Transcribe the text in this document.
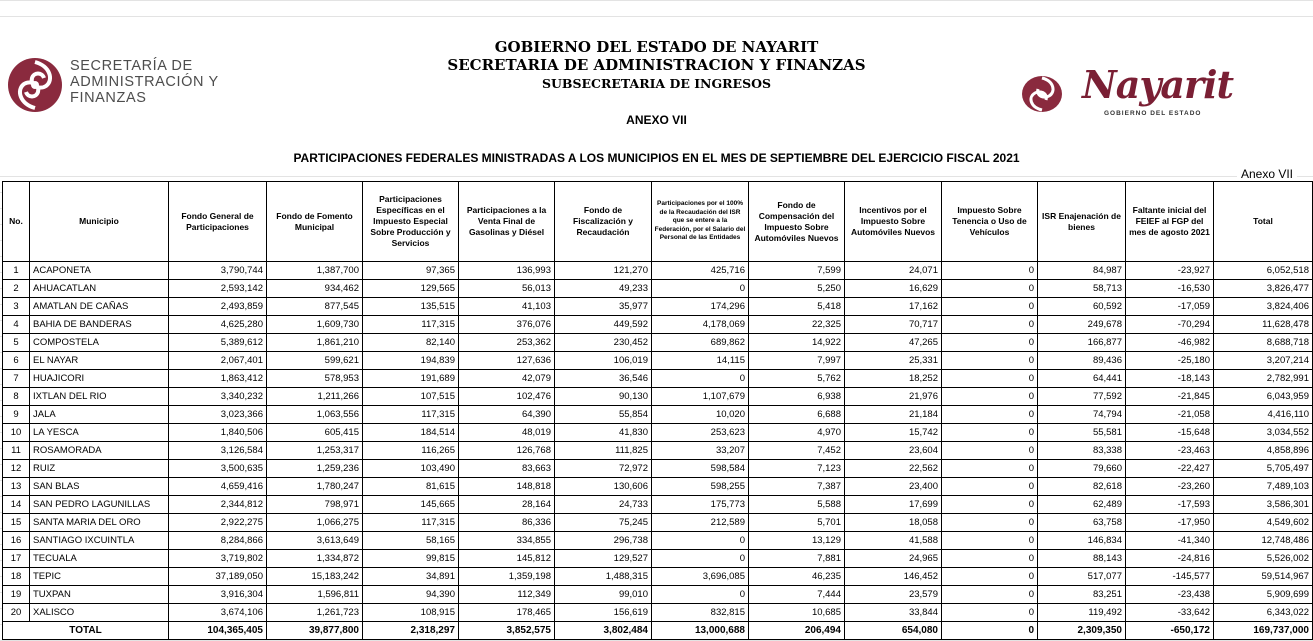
SECRETARÍA DE
ADMINISTRACIÓN Y
FINANZAS	Nayarit
GOBIERNO DEL ESTADO
GOBIERNO DEL ESTADO DE NAYARIT
SECRETARIA DE ADMINISTRACION Y FINANZAS
SUBSECRETARIA DE INGRESOS
ANEXO VII
PARTICIPACIONES FEDERALES MINISTRADAS A LOS MUNICIPIOS EN EL MES DE SEPTIEMBRE DEL EJERCICIO FISCAL 2021
Anexo VII
No.	Municipio	Fondo General de Participaciones	Fondo de Fomento Municipal	Participaciones Específicas en el Impuesto Especial Sobre Producción y Servicios	Participaciones a la Venta Final de Gasolinas y Diésel	Fondo de Fiscalización y Recaudación	Participaciones por el 100% de la Recaudación del ISR que se entere a la Federación, por el Salario del Personal de las Entidades	Fondo de Compensación del Impuesto Sobre Automóviles Nuevos	Incentivos por el Impuesto Sobre Automóviles Nuevos	Impuesto Sobre Tenencia o Uso de Vehículos	ISR Enajenación de bienes	Faltante inicial del FEIEF al FGP del mes de agosto 2021	Total
1	ACAPONETA	3,790,744	1,387,700	97,365	136,993	121,270	425,716	7,599	24,071	0	84,987	-23,927	6,052,518
2	AHUACATLAN	2,593,142	934,462	129,565	56,013	49,233	0	5,250	16,629	0	58,713	-16,530	3,826,477
3	AMATLAN DE CAÑAS	2,493,859	877,545	135,515	41,103	35,977	174,296	5,418	17,162	0	60,592	-17,059	3,824,406
4	BAHIA DE BANDERAS	4,625,280	1,609,730	117,315	376,076	449,592	4,178,069	22,325	70,717	0	249,678	-70,294	11,628,478
5	COMPOSTELA	5,389,612	1,861,210	82,140	253,362	230,452	689,862	14,922	47,265	0	166,877	-46,982	8,688,718
6	EL NAYAR	2,067,401	599,621	194,839	127,636	106,019	14,115	7,997	25,331	0	89,436	-25,180	3,207,214
7	HUAJICORI	1,863,412	578,953	191,689	42,079	36,546	0	5,762	18,252	0	64,441	-18,143	2,782,991
8	IXTLAN DEL RIO	3,340,232	1,211,266	107,515	102,476	90,130	1,107,679	6,938	21,976	0	77,592	-21,845	6,043,959
9	JALA	3,023,366	1,063,556	117,315	64,390	55,854	10,020	6,688	21,184	0	74,794	-21,058	4,416,110
10	LA YESCA	1,840,506	605,415	184,514	48,019	41,830	253,623	4,970	15,742	0	55,581	-15,648	3,034,552
11	ROSAMORADA	3,126,584	1,253,317	116,265	126,768	111,825	33,207	7,452	23,604	0	83,338	-23,463	4,858,896
12	RUIZ	3,500,635	1,259,236	103,490	83,663	72,972	598,584	7,123	22,562	0	79,660	-22,427	5,705,497
13	SAN BLAS	4,659,416	1,780,247	81,615	148,818	130,606	598,255	7,387	23,400	0	82,618	-23,260	7,489,103
14	SAN PEDRO LAGUNILLAS	2,344,812	798,971	145,665	28,164	24,733	175,773	5,588	17,699	0	62,489	-17,593	3,586,301
15	SANTA MARIA DEL ORO	2,922,275	1,066,275	117,315	86,336	75,245	212,589	5,701	18,058	0	63,758	-17,950	4,549,602
16	SANTIAGO IXCUINTLA	8,284,866	3,613,649	58,165	334,855	296,738	0	13,129	41,588	0	146,834	-41,340	12,748,486
17	TECUALA	3,719,802	1,334,872	99,815	145,812	129,527	0	7,881	24,965	0	88,143	-24,816	5,526,002
18	TEPIC	37,189,050	15,183,242	34,891	1,359,198	1,488,315	3,696,085	46,235	146,452	0	517,077	-145,577	59,514,967
19	TUXPAN	3,916,304	1,596,811	94,390	112,349	99,010	0	7,444	23,579	0	83,251	-23,438	5,909,699
20	XALISCO	3,674,106	1,261,723	108,915	178,465	156,619	832,815	10,685	33,844	0	119,492	-33,642	6,343,022
TOTAL		104,365,405	39,877,800	2,318,297	3,852,575	3,802,484	13,000,688	206,494	654,080	0	2,309,350	-650,172	169,737,000
